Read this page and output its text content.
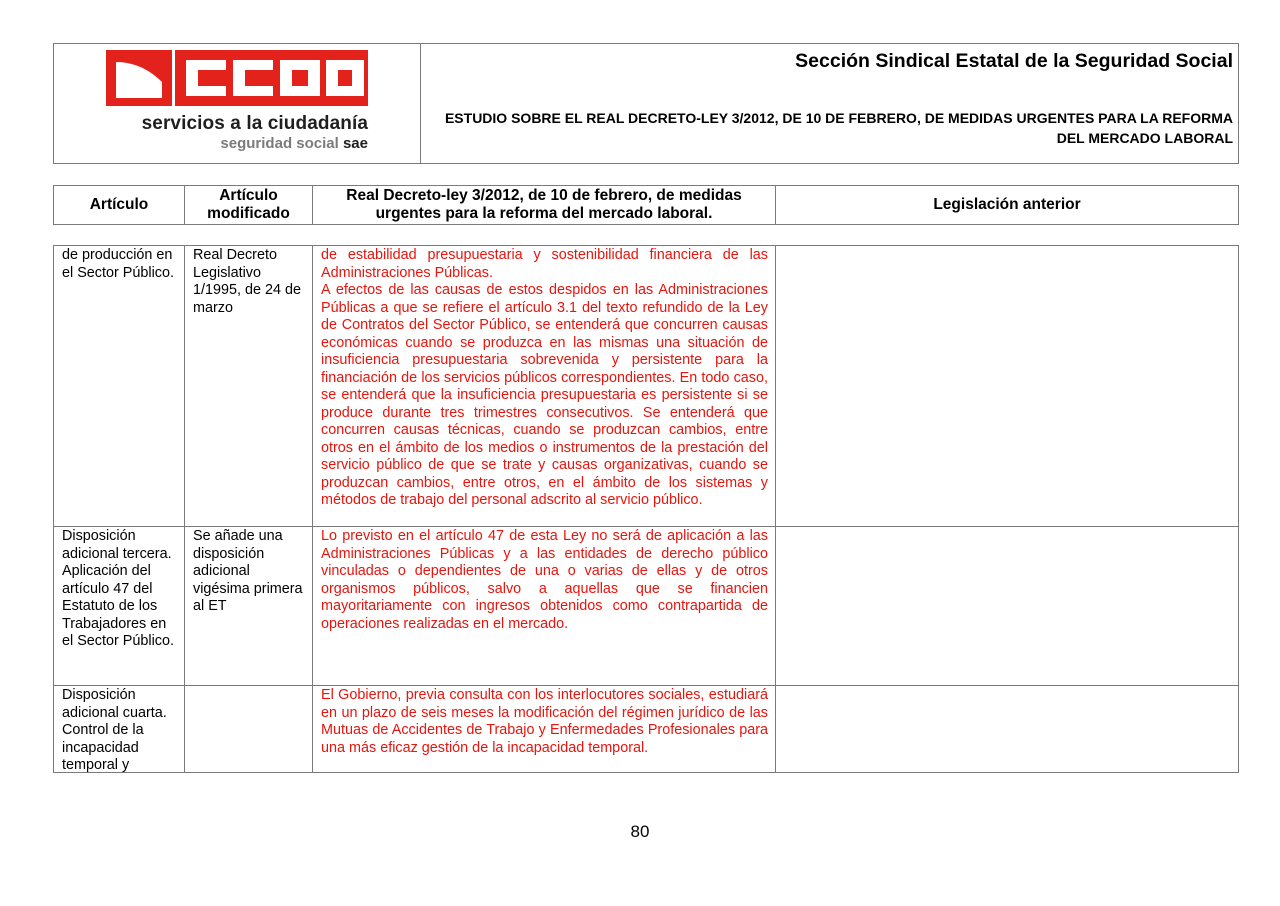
servicios a la ciudadanía
seguridad social sae
Sección Sindical Estatal de la Seguridad Social
ESTUDIO SOBRE EL REAL DECRETO-LEY 3/2012, DE 10 DE FEBRERO, DE MEDIDAS URGENTES PARA LA REFORMA DEL MERCADO LABORAL
Artículo
Artículo modificado
Real Decreto-ley 3/2012, de 10 de febrero, de medidas urgentes para la reforma del mercado laboral.
Legislación anterior
de producción en el Sector Público.
Real Decreto Legislativo 1/1995, de 24 de marzo
de estabilidad presupuestaria y sostenibilidad financiera de las Administraciones Públicas.
A efectos de las causas de estos despidos en las Administraciones Públicas a que se refiere el artículo 3.1 del texto refundido de la Ley de Contratos del Sector Público, se entenderá que concurren causas económicas cuando se produzca en las mismas una situación de insuficiencia presupuestaria sobrevenida y persistente para la financiación de los servicios públicos correspondientes. En todo caso, se entenderá que la insuficiencia presupuestaria es persistente si se produce durante tres trimestres consecutivos. Se entenderá que concurren causas técnicas, cuando se produzcan cambios, entre otros en el ámbito de los medios o instrumentos de la prestación del servicio público de que se trate y causas organizativas, cuando se produzcan cambios, entre otros, en el ámbito de los sistemas y métodos de trabajo del personal adscrito al servicio público.
Disposición adicional tercera. Aplicación del artículo 47 del Estatuto de los Trabajadores en el Sector Público.
Se añade una disposición adicional vigésima primera al ET
Lo previsto en el artículo 47 de esta Ley no será de aplicación a las Administraciones Públicas y a las entidades de derecho público vinculadas o dependientes de una o varias de ellas y de otros organismos públicos, salvo a aquellas que se financien mayoritariamente con ingresos obtenidos como contrapartida de operaciones realizadas en el mercado.
Disposición adicional cuarta. Control de la incapacidad temporal y
El Gobierno, previa consulta con los interlocutores sociales, estudiará en un plazo de seis meses la modificación del régimen jurídico de las Mutuas de Accidentes de Trabajo y Enfermedades Profesionales para una más eficaz gestión de la incapacidad temporal.
80
